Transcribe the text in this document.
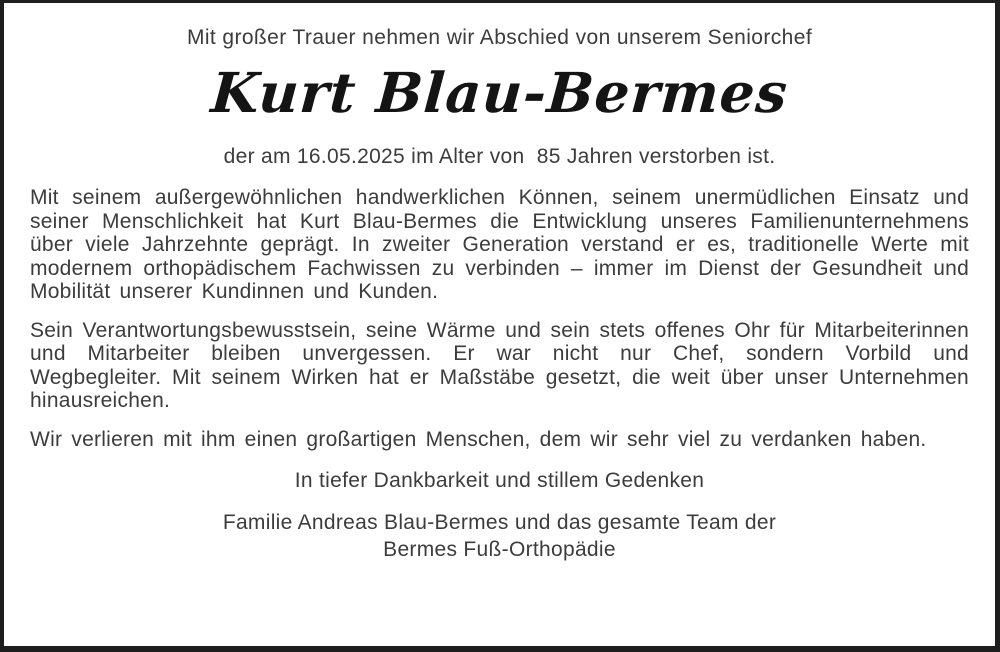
Mit großer Trauer nehmen wir Abschied von unserem Seniorchef
Kurt Blau-Bermes
der am 16.05.2025 im Alter von  85 Jahren verstorben ist.

Mit seinem außergewöhnlichen handwerklichen Können, seinem unermüdlichen Einsatz und seiner Menschlichkeit hat Kurt Blau-Bermes die Entwicklung unseres Familienunternehmens über viele Jahrzehnte geprägt. In zweiter Generation verstand er es, traditionelle Werte mit modernem orthopädischem Fachwissen zu verbinden – immer im Dienst der Gesundheit und Mobilität unserer Kundinnen und Kunden.

Sein Verantwortungsbewusstsein, seine Wärme und sein stets offenes Ohr für Mitarbeiterinnen und Mitarbeiter bleiben unvergessen. Er war nicht nur Chef, sondern Vorbild und Wegbegleiter. Mit seinem Wirken hat er Maßstäbe gesetzt, die weit über unser Unternehmen hinausreichen.

Wir verlieren mit ihm einen großartigen Menschen, dem wir sehr viel zu verdanken haben.

In tiefer Dankbarkeit und stillem Gedenken
Familie Andreas Blau-Bermes und das gesamte Team der
Bermes Fuß-Orthopädie
